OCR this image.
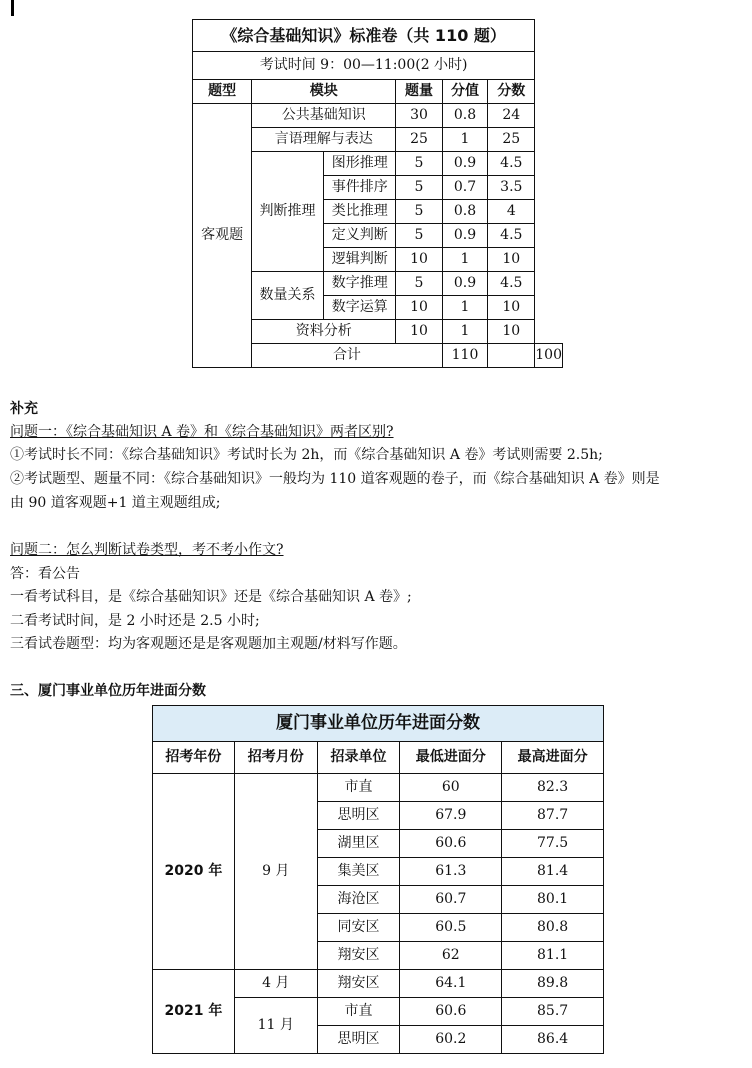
《综合基础知识》标准卷（共 110 题）						
考试时间 9：00—11:00(2 小时)						
题型	模块		题量	分值	分数	
客观题	公共基础知识		30	0.8	24	
	言语理解与表达		25	1	25	
	判断推理	图形推理	5	0.9	4.5	
		事件排序	5	0.7	3.5	
		类比推理	5	0.8	4	
		定义判断	5	0.9	4.5	
		逻辑判断	10	1	10	
	数量关系	数字推理	5	0.9	4.5	
		数字运算	10	1	10	
	资料分析		10	1	10	
	合计			110		100
补充
问题一：《综合基础知识 A 卷》和《综合基础知识》两者区别?
①考试时长不同：《综合基础知识》考试时长为 2h，而《综合基础知识 A 卷》考试则需要 2.5h;
②考试题型、题量不同：《综合基础知识》一般均为 110 道客观题的卷子，而《综合基础知识 A 卷》则是
由 90 道客观题+1 道主观题组成;
问题二：怎么判断试卷类型，考不考小作文?
答：看公告
一看考试科目，是《综合基础知识》还是《综合基础知识 A 卷》;
二看考试时间，是 2 小时还是 2.5 小时;
三看试卷题型：均为客观题还是是客观题加主观题/材料写作题。
三、厦门事业单位历年进面分数
厦门事业单位历年进面分数				
招考年份	招考月份	招录单位	最低进面分	最高进面分
2020 年	9 月	市直	60	82.3
		思明区	67.9	87.7
		湖里区	60.6	77.5
		集美区	61.3	81.4
		海沧区	60.7	80.1
		同安区	60.5	80.8
		翔安区	62	81.1
2021 年	4 月	翔安区	64.1	89.8
	11 月	市直	60.6	85.7
		思明区	60.2	86.4
